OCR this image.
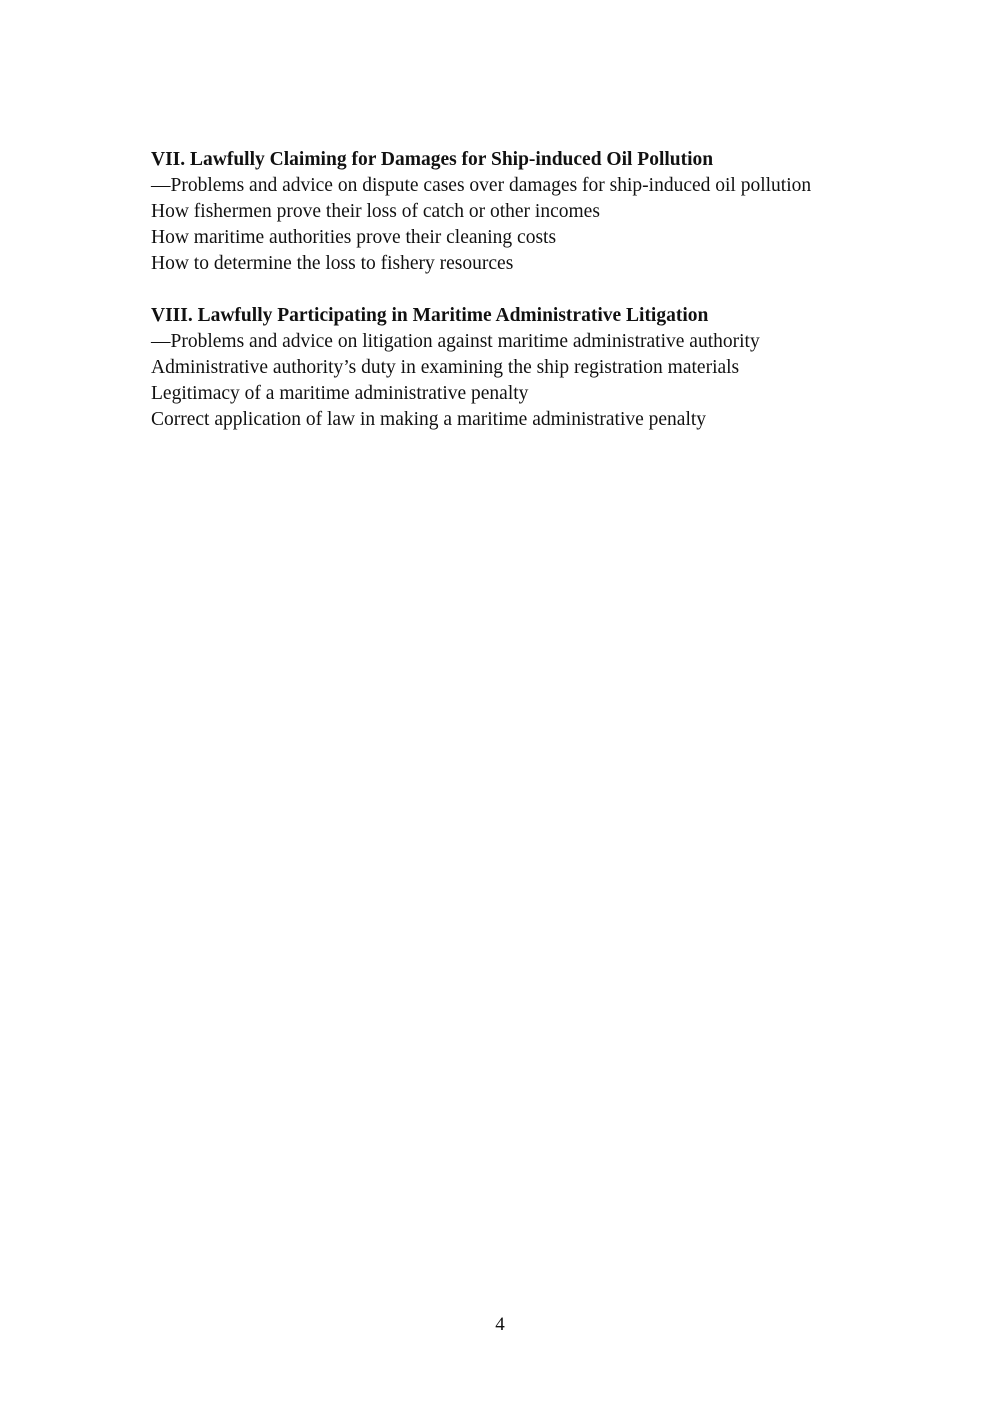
VII. Lawfully Claiming for Damages for Ship-induced Oil Pollution
—Problems and advice on dispute cases over damages for ship-induced oil pollution
How fishermen prove their loss of catch or other incomes
How maritime authorities prove their cleaning costs
How to determine the loss to fishery resources
VIII. Lawfully Participating in Maritime Administrative Litigation
—Problems and advice on litigation against maritime administrative authority
Administrative authority’s duty in examining the ship registration materials
Legitimacy of a maritime administrative penalty
Correct application of law in making a maritime administrative penalty
4
